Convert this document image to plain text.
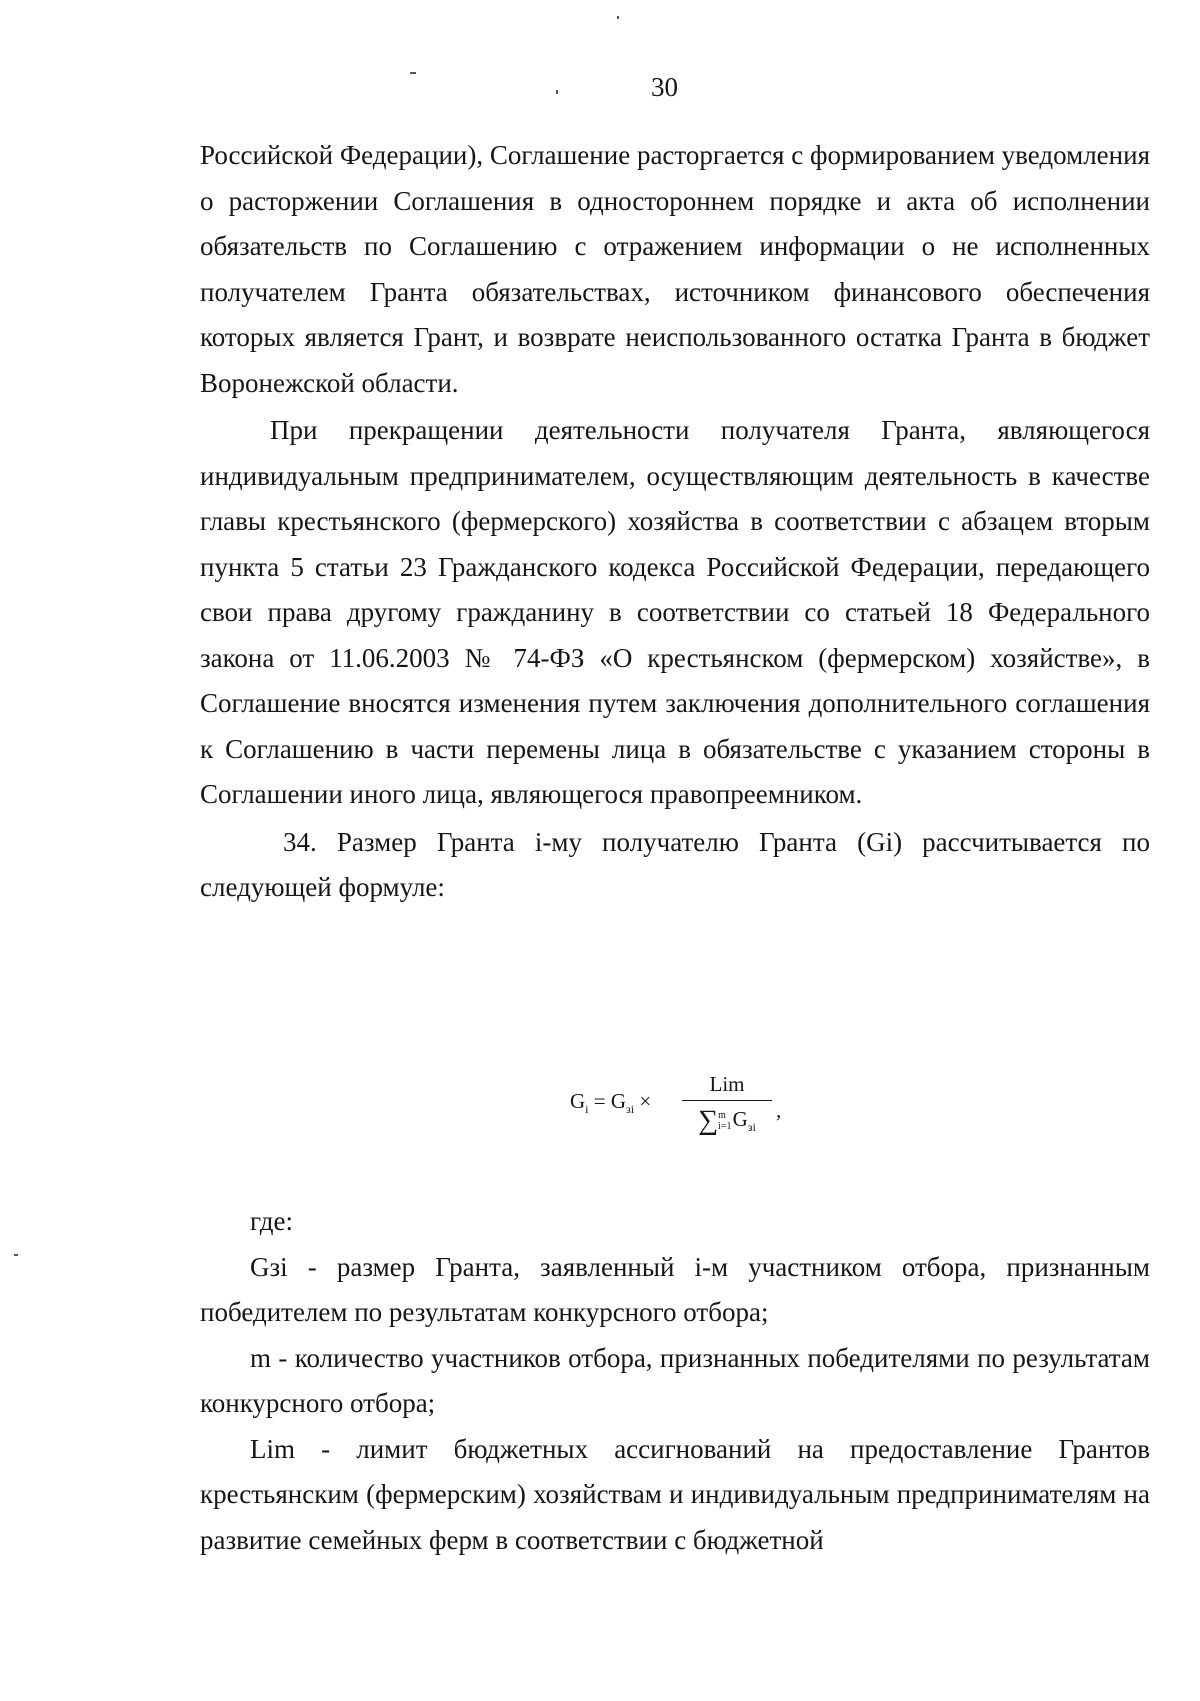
30

Российской Федерации), Соглашение расторгается с формированием уведомления о расторжении Соглашения в одностороннем порядке и акта об исполнении обязательств по Соглашению с отражением информации о не исполненных получателем Гранта обязательствах, источником финансового обеспечения которых является Грант, и возврате неиспользованного остатка Гранта в бюджет Воронежской области.

При прекращении деятельности получателя Гранта, являющегося индивидуальным предпринимателем, осуществляющим деятельность в качестве главы крестьянского (фермерского) хозяйства в соответствии с абзацем вторым пункта 5 статьи 23 Гражданского кодекса Российской Федерации, передающего свои права другому гражданину в соответствии со статьей 18 Федерального закона от 11.06.2003 № 74-ФЗ «О крестьянском (фермерском) хозяйстве», в Соглашение вносятся изменения путем заключения дополнительного соглашения к Соглашению в части перемены лица в обязательстве с указанием стороны в Соглашении иного лица, являющегося правопреемником.

34. Размер Гранта i-му получателю Гранта (Gi) рассчитывается по следующей формуле:

$G_i = G_{зi}$ ×
Lim
∑m
$i=1G_{зi}$
,

где:

Gзi - размер Гранта, заявленный i-м участником отбора, признанным победителем по результатам конкурсного отбора;

m - количество участников отбора, признанных победителями по результатам конкурсного отбора;

Lim - лимит бюджетных ассигнований на предоставление Грантов крестьянским (фермерским) хозяйствам и индивидуальным предпринимателям на развитие семейных ферм в соответствии с бюджетной
